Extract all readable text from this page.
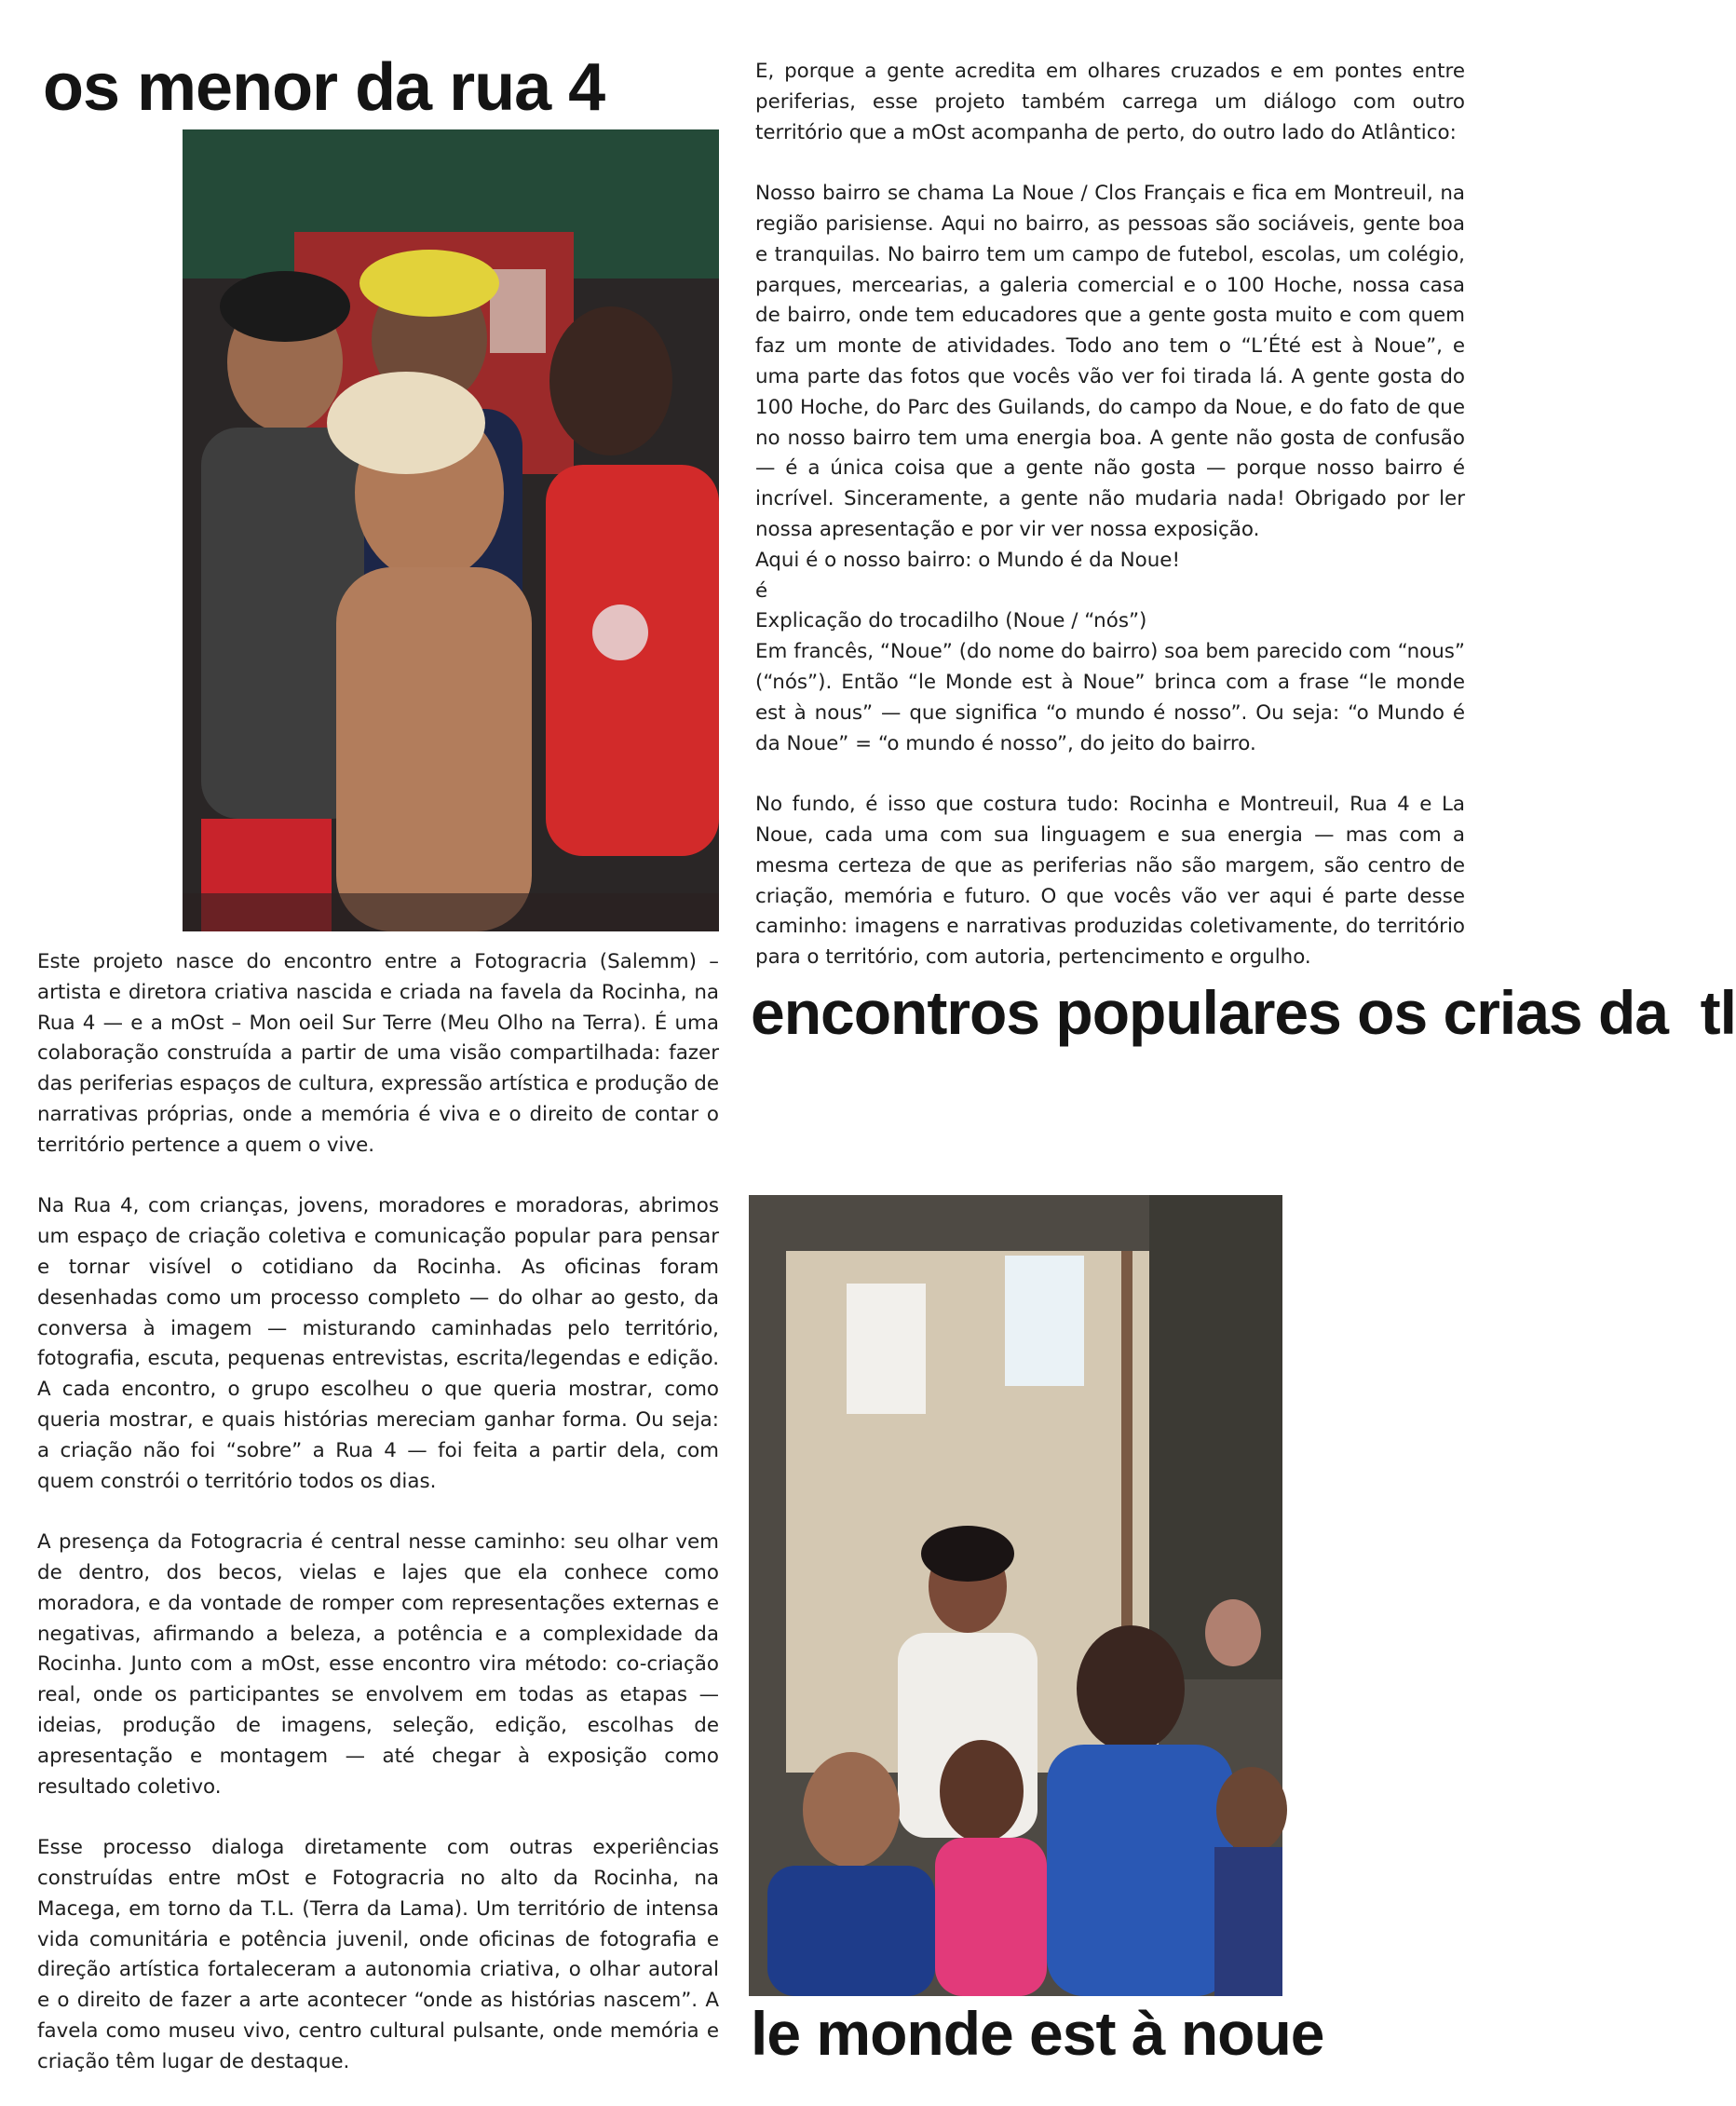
os menor da rua 4
encontros populares os crias da  tl
le monde est à noue

Este projeto nasce do encontro entre a Fotogracria (Salemm) – artista e diretora criativa nascida e criada na favela da Rocinha, na Rua 4 — e a mOst – Mon oeil Sur Terre (Meu Olho na Terra). É uma colaboração construída a partir de uma visão compartilhada: fazer das periferias espaços de cultura, expressão artística e produção de narrativas próprias, onde a memória é viva e o direito de contar o território pertence a quem o vive.

Na Rua 4, com crianças, jovens, moradores e moradoras, abrimos um espaço de criação coletiva e comunicação popular para pensar e tornar visível o cotidiano da Rocinha. As oficinas foram desenhadas como um processo completo — do olhar ao gesto, da conversa à imagem — misturando caminhadas pelo território, fotografia, escuta, pequenas entrevistas, escrita/legendas e edição. A cada encontro, o grupo escolheu o que queria mostrar, como queria mostrar, e quais histórias mereciam ganhar forma. Ou seja: a criação não foi “sobre” a Rua 4 — foi feita a partir dela, com quem constrói o território todos os dias.

A presença da Fotogracria é central nesse caminho: seu olhar vem de dentro, dos becos, vielas e lajes que ela conhece como moradora, e da vontade de romper com representações externas e negativas, afirmando a beleza, a potência e a complexidade da Rocinha. Junto com a mOst, esse encontro vira método: co-criação real, onde os participantes se envolvem em todas as etapas — ideias, produção de imagens, seleção, edição, escolhas de apresentação e montagem — até chegar à exposição como resultado coletivo.

Esse processo dialoga diretamente com outras experiências construídas entre mOst e Fotogracria no alto da Rocinha, na Macega, em torno da T.L. (Terra da Lama). Um território de intensa vida comunitária e potência juvenil, onde oficinas de fotografia e direção artística fortaleceram a autonomia criativa, o olhar autoral e o direito de fazer a arte acontecer “onde as histórias nascem”. A favela como museu vivo, centro cultural pulsante, onde memória e criação têm lugar de destaque.

E, porque a gente acredita em olhares cruzados e em pontes entre periferias, esse projeto também carrega um diálogo com outro território que a mOst acompanha de perto, do outro lado do Atlântico:

Nosso bairro se chama La Noue / Clos Français e fica em Montreuil, na região parisiense. Aqui no bairro, as pessoas são sociáveis, gente boa e tranquilas. No bairro tem um campo de futebol, escolas, um colégio, parques, mercearias, a galeria comercial e o 100 Hoche, nossa casa de bairro, onde tem educadores que a gente gosta muito e com quem faz um monte de atividades. Todo ano tem o “L’Été est à Noue”, e uma parte das fotos que vocês vão ver foi tirada lá. A gente gosta do 100 Hoche, do Parc des Guilands, do campo da Noue, e do fato de que no nosso bairro tem uma energia boa. A gente não gosta de confusão — é a única coisa que a gente não gosta — porque nosso bairro é incrível. Sinceramente, a gente não mudaria nada! Obrigado por ler nossa apresentação e por vir ver nossa exposição.
Aqui é o nosso bairro: o Mundo é da Noue!
é
Explicação do trocadilho (Noue / “nós”)
Em francês, “Noue” (do nome do bairro) soa bem parecido com “nous” (“nós”). Então “le Monde est à Noue” brinca com a frase “le monde est à nous” — que significa “o mundo é nosso”. Ou seja: “o Mundo é da Noue” = “o mundo é nosso”, do jeito do bairro.

No fundo, é isso que costura tudo: Rocinha e Montreuil, Rua 4 e La Noue, cada uma com sua linguagem e sua energia — mas com a mesma certeza de que as periferias não são margem, são centro de criação, memória e futuro. O que vocês vão ver aqui é parte desse caminho: imagens e narrativas produzidas coletivamente, do território para o território, com autoria, pertencimento e orgulho.
